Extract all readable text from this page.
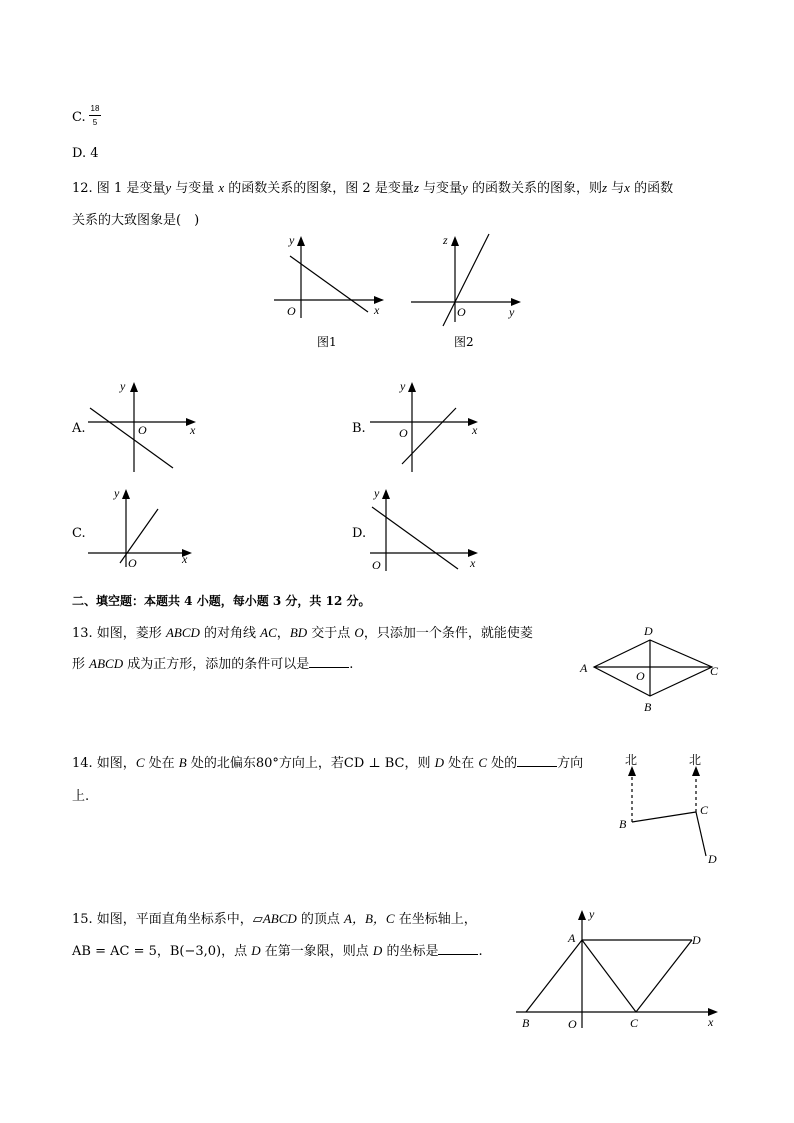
C.
18
5
D. 4
12. 图 1 是变量y 与变量 x 的函数关系的图象，图 2 是变量z 与变量y 的函数关系的图象，则z 与x 的函数
关系的大致图象是(　)
y
O	x
图1
z
O	y
图2
A.
y
O	x	B.
y
O	x
C.
y
O	x
D.
y
O	x
二、填空题：本题共 4 小题，每小题 3 分，共 12 分。
13. 如图，菱形 ABCD 的对角线 AC，BD 交于点 O，只添加一个条件，就能使菱
形 ABCD 成为正方形，添加的条件可以是	.	A
D
C
O
B
14. 如图，C 处在 B 处的北偏东80°方向上，若CD ⊥ BC，则 D 处在 C 处的	方向
上.
北	北
B
C
D
15. 如图，平面直角坐标系中，▱ABCD 的顶点 A，B，C 在坐标轴上，
AB = AC = 5，B(−3,0)，点 D 在第一象限，则点 D 的坐标是	.
y
A	D
B	O	C	x
